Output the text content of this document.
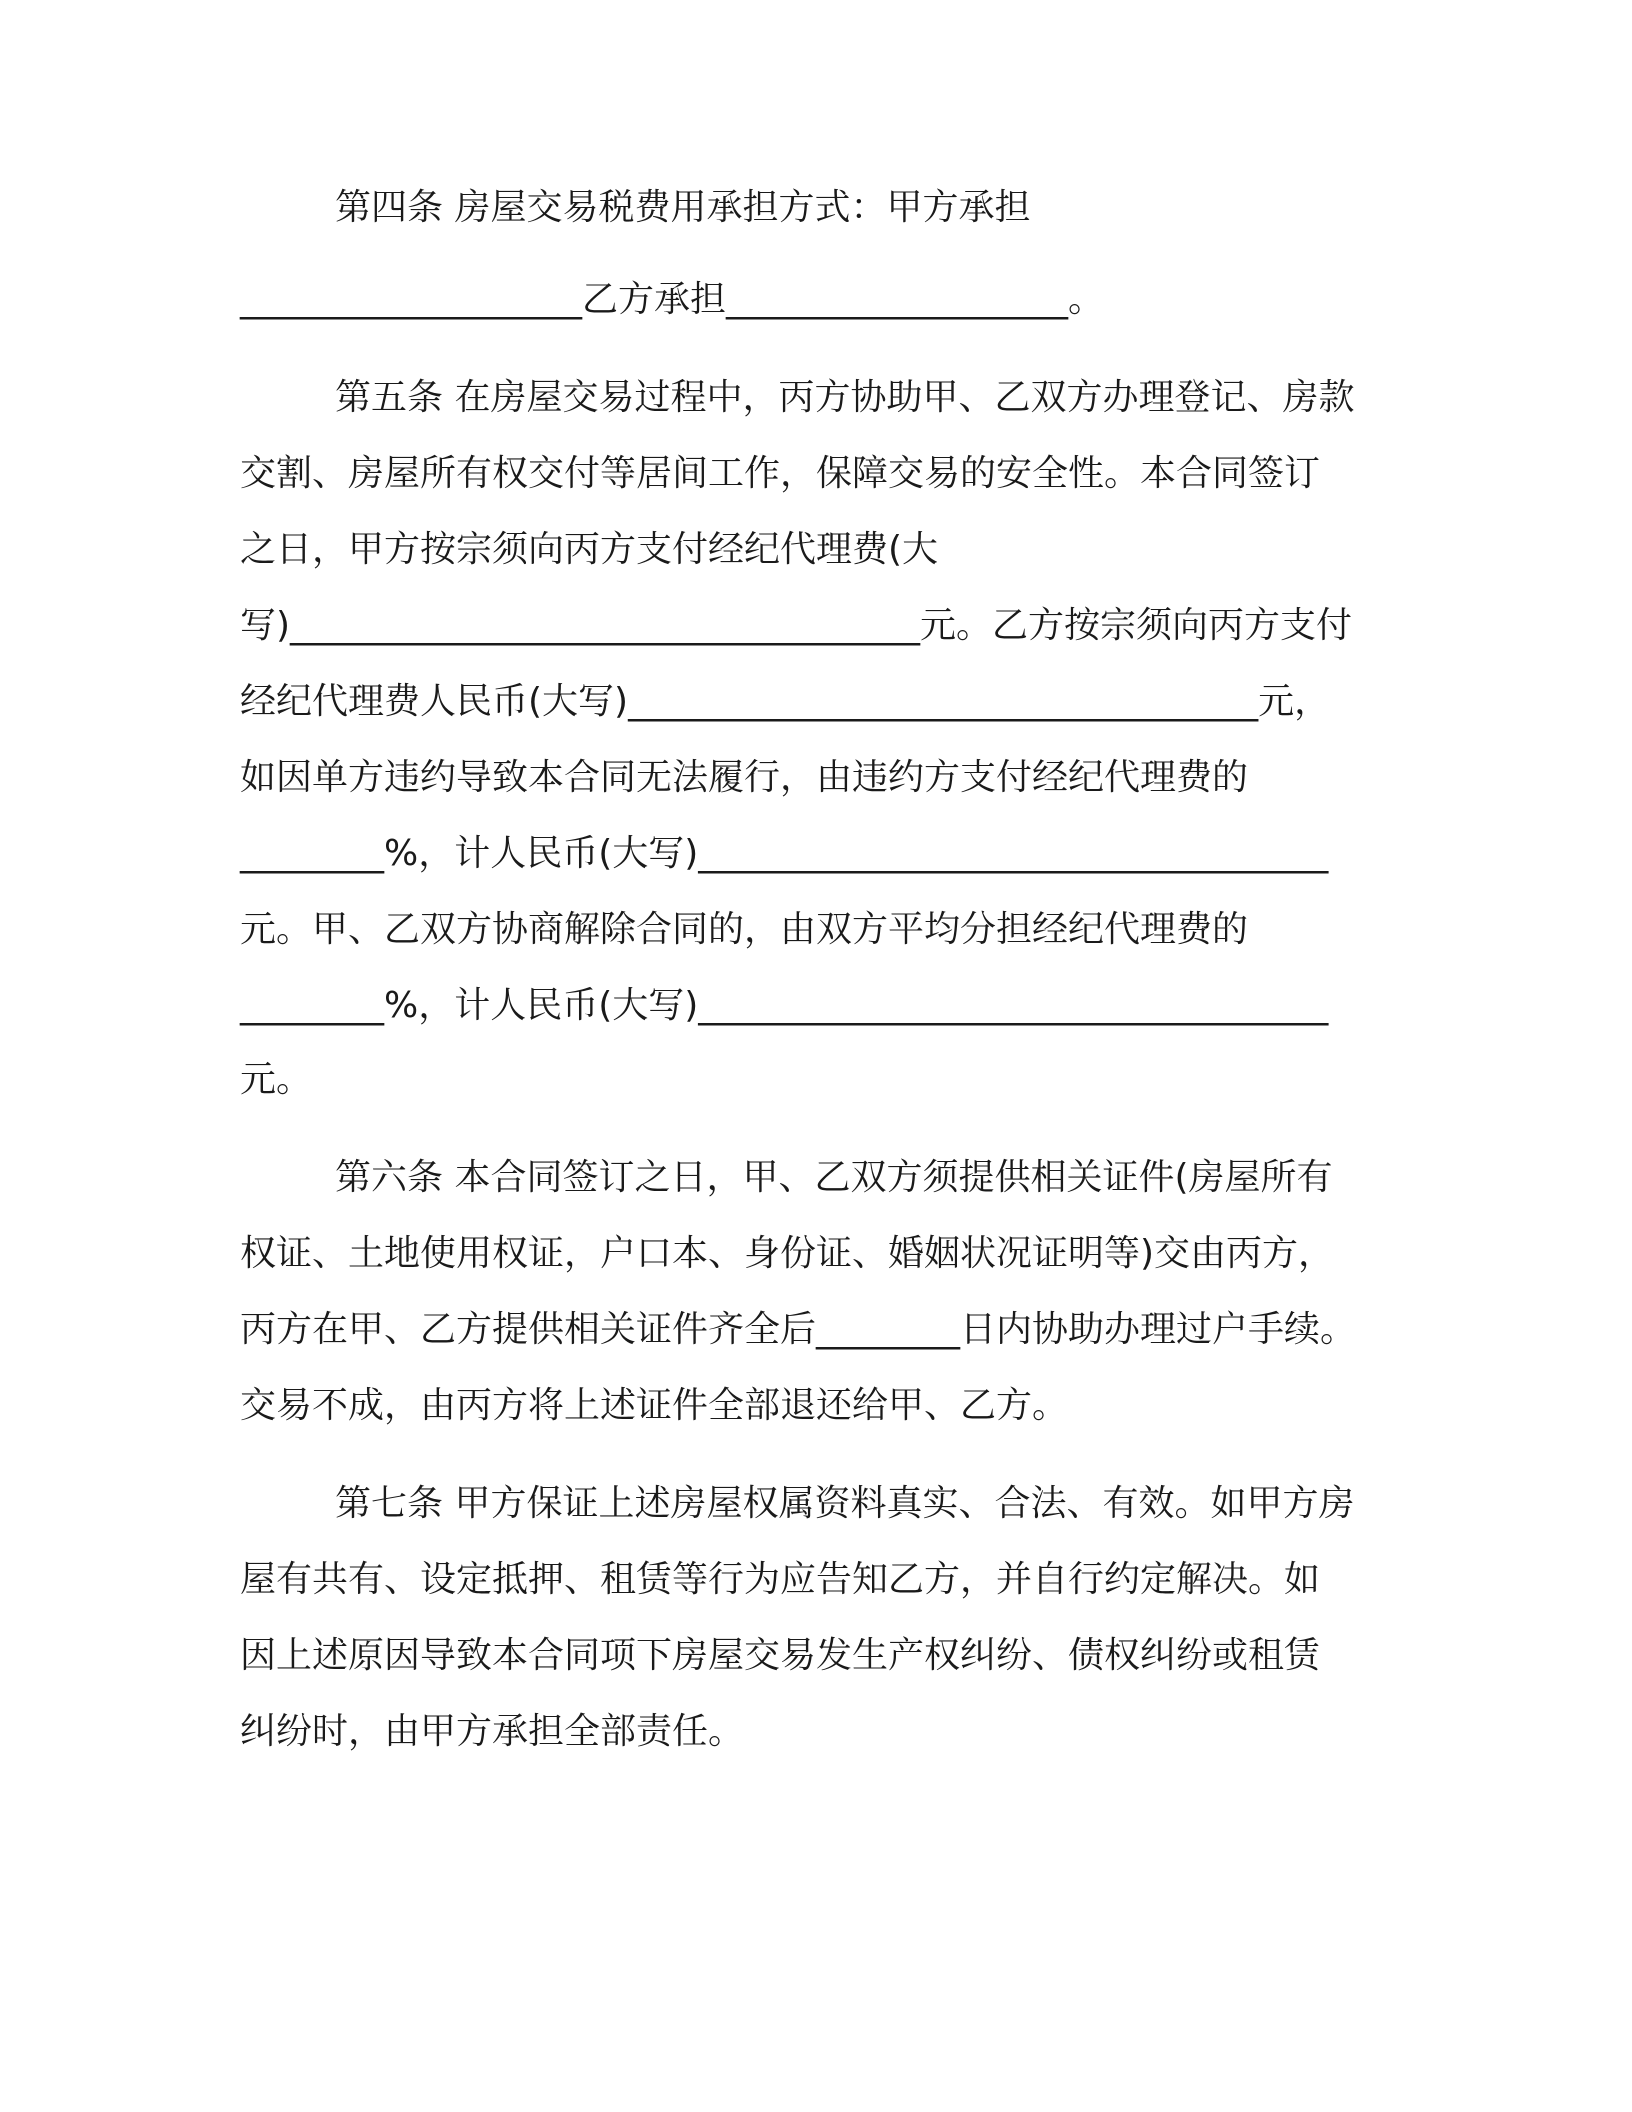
第四条 房屋交易税费用承担方式：甲方承担
___________________乙方承担___________________。
第五条 在房屋交易过程中，丙方协助甲、乙双方办理登记、房款
交割、房屋所有权交付等居间工作，保障交易的安全性。本合同签订
之日，甲方按宗须向丙方支付经纪代理费(大
写)___________________________________元。乙方按宗须向丙方支付
经纪代理费人民币(大写)___________________________________元，
如因单方违约导致本合同无法履行，由违约方支付经纪代理费的
________%，计人民币(大写)___________________________________
元。甲、乙双方协商解除合同的，由双方平均分担经纪代理费的
________%，计人民币(大写)___________________________________
元。
第六条 本合同签订之日，甲、乙双方须提供相关证件(房屋所有
权证、土地使用权证，户口本、身份证、婚姻状况证明等)交由丙方，
丙方在甲、乙方提供相关证件齐全后________日内协助办理过户手续。
交易不成，由丙方将上述证件全部退还给甲、乙方。
第七条 甲方保证上述房屋权属资料真实、合法、有效。如甲方房
屋有共有、设定抵押、租赁等行为应告知乙方，并自行约定解决。如
因上述原因导致本合同项下房屋交易发生产权纠纷、债权纠纷或租赁
纠纷时，由甲方承担全部责任。
